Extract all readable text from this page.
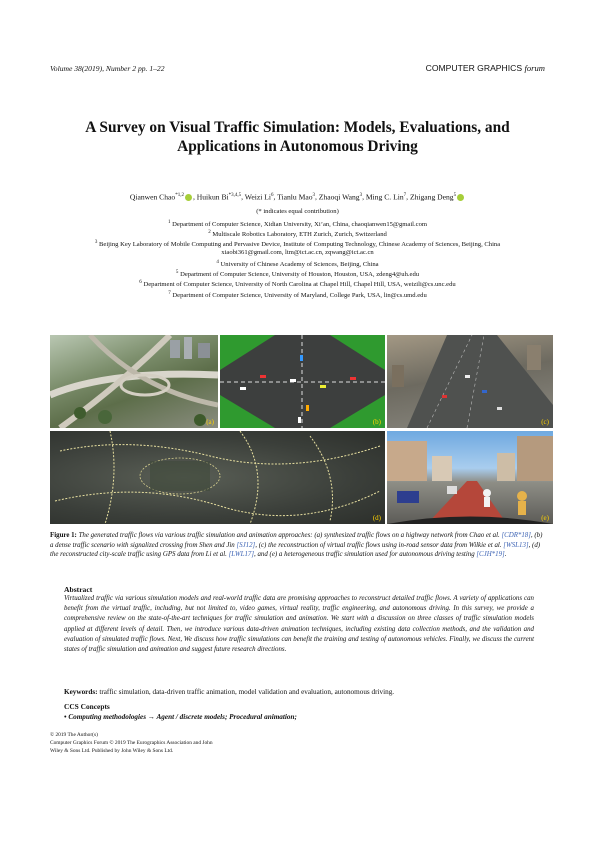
Volume 38(2019), Number 2 pp. 1–22	COMPUTER GRAPHICS forum
A Survey on Visual Traffic Simulation: Models, Evaluations, and
Applications in Autonomous Driving
Qianwen Chao$^{*1,2}$ , Huikun Bi$^{*3,4,5}$, Weizi Li$^6$, Tianlu Mao$^3$, Zhaoqi Wang$^3$, Ming C. Lin$^7$, Zhigang Deng$^5$
(* indicates equal contribution)
$^1$ Department of Computer Science, Xidian University, Xi’an, China, chaoqianwen15@gmail.com
$^2$ Multiscale Robotics Laboratory, ETH Zurich, Zurich, Switzerland
$^3$ Beijing Key Laboratory of Mobile Computing and Pervasive Device, Institute of Computing Technology, Chinese Academy of Sciences, Beijing, China
xiaobi361@gmail.com, ltm@ict.ac.cn, zqwang@ict.ac.cn
$^4$ University of Chinese Academy of Sciences, Beijing, China
$^5$ Department of Computer Science, University of Houston, Houston, USA, zdeng4@uh.edu
$^6$ Department of Computer Science, University of North Carolina at Chapel Hill, Chapel Hill, USA, weizili@cs.unc.edu
$^7$ Department of Computer Science, University of Maryland, College Park, USA, lin@cs.umd.edu
(a)	(b)	(c)
(d)	(e)
Figure 1: The generated traffic flows via various traffic simulation and animation approaches: (a) synthesized traffic flows on a highway network from Chao et al. [CDR*18], (b) a dense traffic scenario with signalized crossing from Shen and Jin [SJ12], (c) the reconstruction of virtual traffic flows using in-road sensor data from Wilkie et al. [WSL13], (d) the reconstructed city-scale traffic using GPS data from Li et al. [LWL17], and (e) a heterogeneous traffic simulation used for autonomous driving testing [CJH*19].
Abstract
Virtualized traffic via various simulation models and real-world traffic data are promising approaches to reconstruct detailed traffic flows. A variety of applications can benefit from the virtual traffic, including, but not limited to, video games, virtual reality, traffic engineering, and autonomous driving. In this survey, we provide a comprehensive review on the state-of-the-art techniques for traffic simulation and animation. We start with a discussion on three classes of traffic simulation models applied at different levels of detail. Then, we introduce various data-driven animation techniques, including existing data collection methods, and the validation and evaluation of simulated traffic flows. Next, We discuss how traffic simulations can benefit the training and testing of autonomous vehicles. Finally, we discuss the current states of traffic simulation and animation and suggest future research directions.
Keywords: traffic simulation, data-driven traffic animation, model validation and evaluation, autonomous driving.
CCS Concepts
• Computing methodologies → Agent / discrete models; Procedural animation;
© 2019 The Author(s)
Computer Graphics Forum © 2019 The Eurographics Association and John
Wiley & Sons Ltd. Published by John Wiley & Sons Ltd.
